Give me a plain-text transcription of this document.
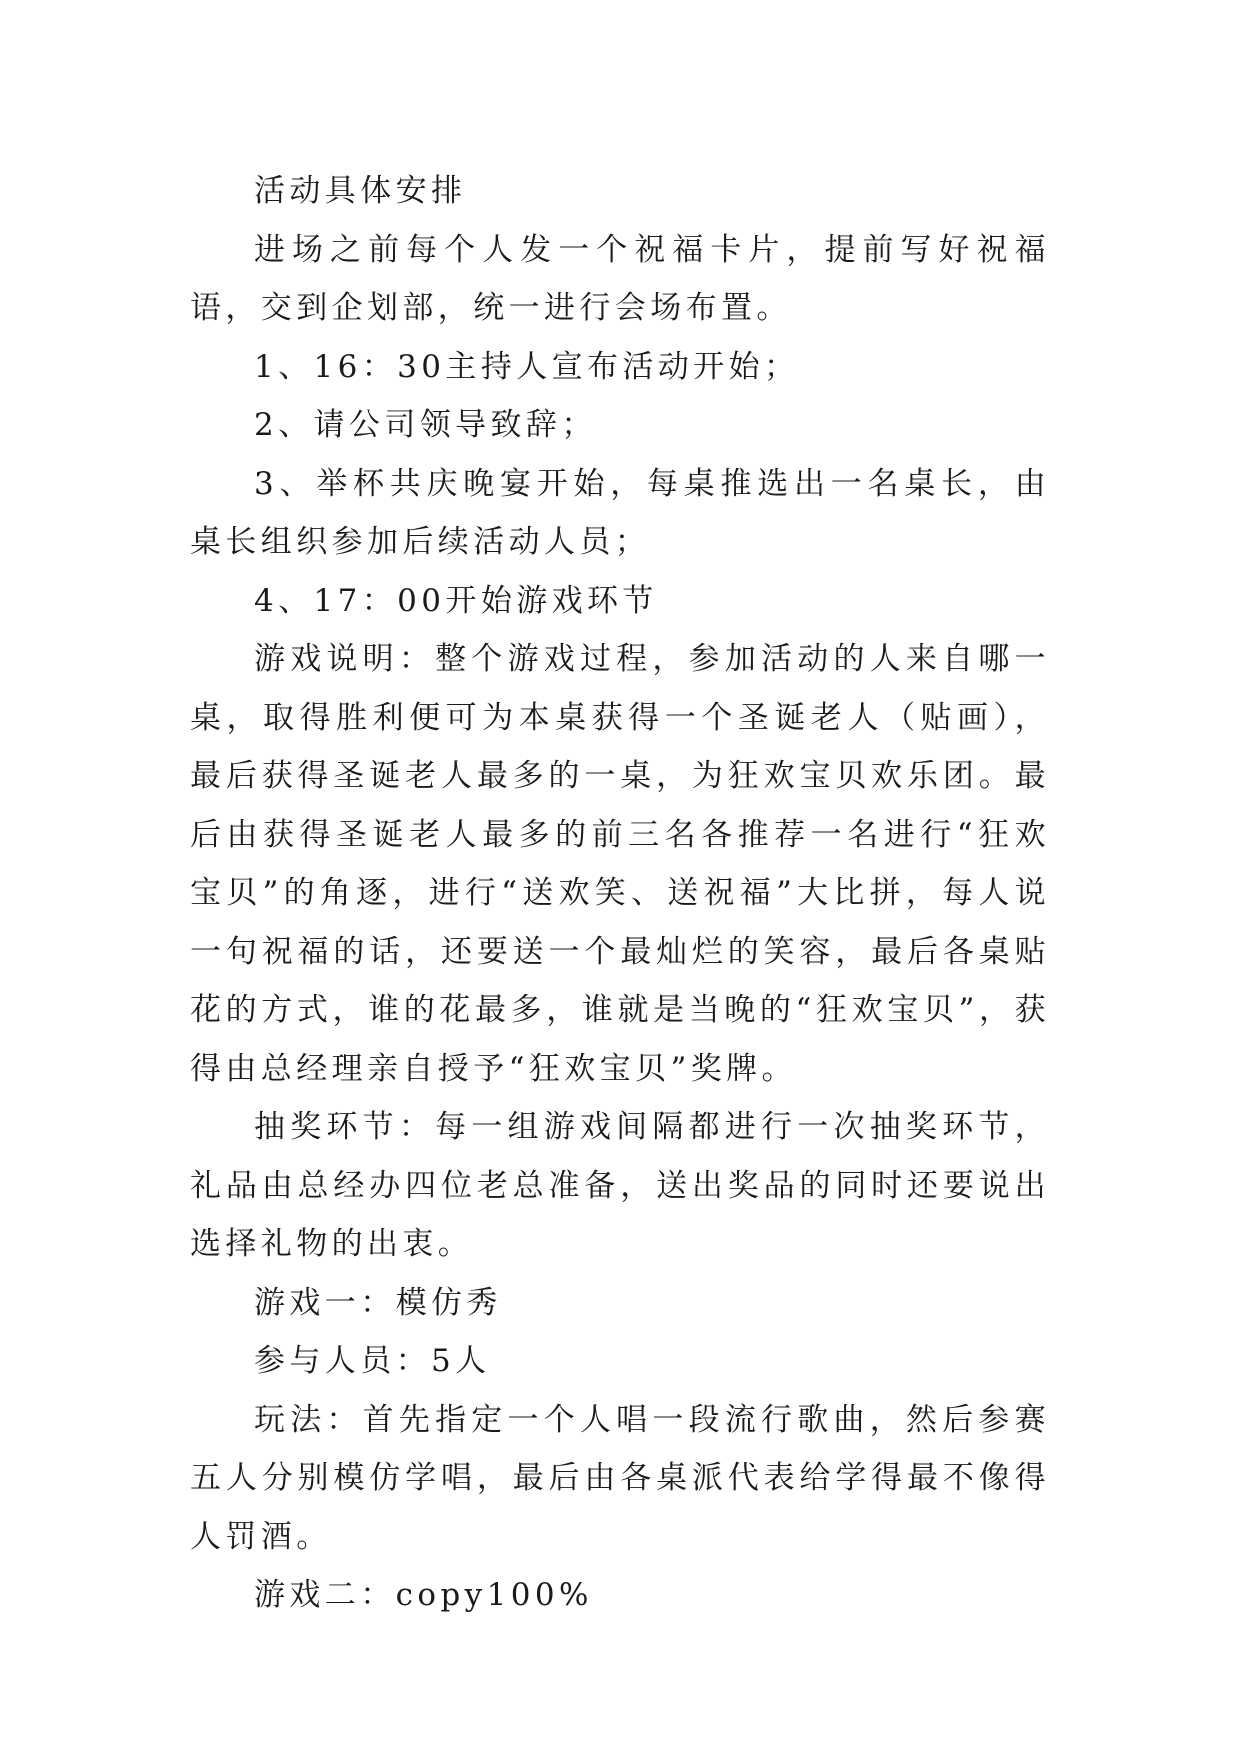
活动具体安排

进场之前每个人发一个祝福卡片，提前写好祝福语，交到企划部，统一进行会场布置。

1、16：30主持人宣布活动开始；

2、请公司领导致辞；

3、举杯共庆晚宴开始，每桌推选出一名桌长，由桌长组织参加后续活动人员；

4、17：00开始游戏环节

游戏说明：整个游戏过程，参加活动的人来自哪一桌，取得胜利便可为本桌获得一个圣诞老人（贴画），最后获得圣诞老人最多的一桌，为狂欢宝贝欢乐团。最后由获得圣诞老人最多的前三名各推荐一名进行“狂欢宝贝”的角逐，进行“送欢笑、送祝福”大比拼，每人说一句祝福的话，还要送一个最灿烂的笑容，最后各桌贴花的方式，谁的花最多，谁就是当晚的“狂欢宝贝”，获得由总经理亲自授予“狂欢宝贝”奖牌。

抽奖环节：每一组游戏间隔都进行一次抽奖环节，礼品由总经办四位老总准备，送出奖品的同时还要说出选择礼物的出衷。

游戏一：模仿秀

参与人员：5人

玩法：首先指定一个人唱一段流行歌曲，然后参赛五人分别模仿学唱，最后由各桌派代表给学得最不像得人罚酒。

游戏二：copy100%
